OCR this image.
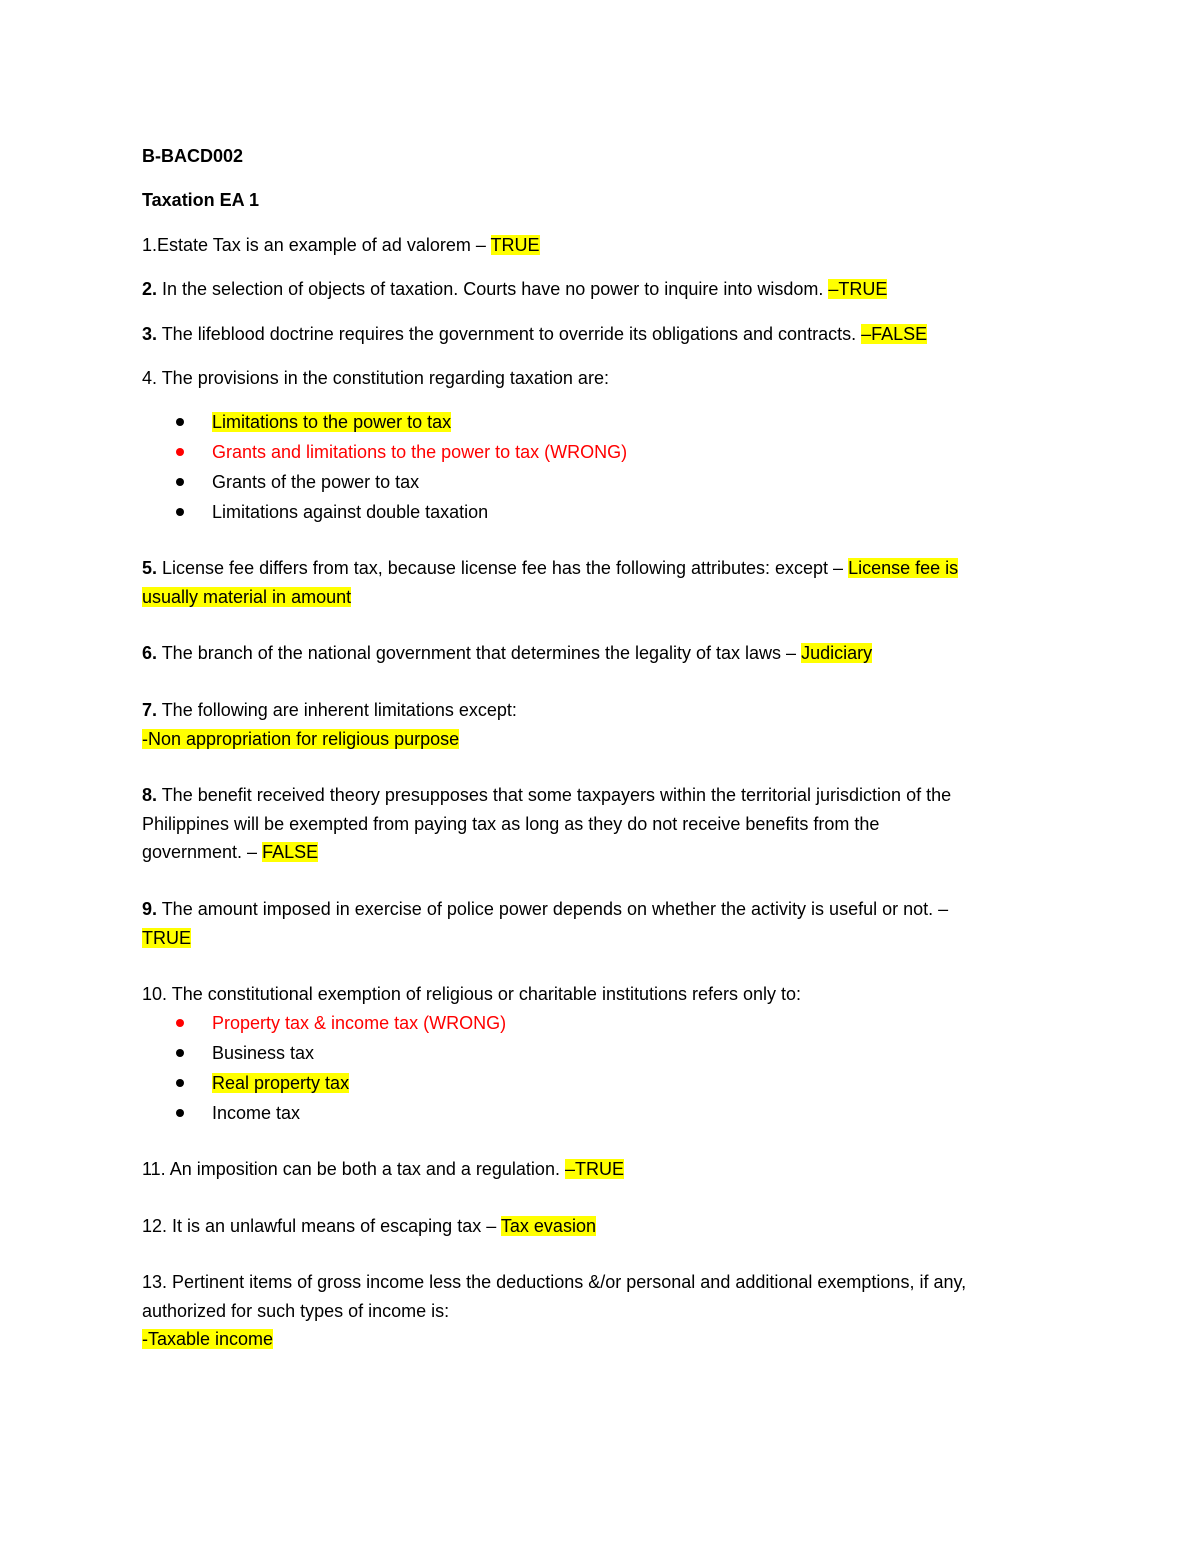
B-BACD002

Taxation EA 1

1.Estate Tax is an example of ad valorem – TRUE

2. In the selection of objects of taxation. Courts have no power to inquire into wisdom. –TRUE

3. The lifeblood doctrine requires the government to override its obligations and contracts. –FALSE

4. The provisions in the constitution regarding taxation are:

Limitations to the power to tax
Grants and limitations to the power to tax (WRONG)
Grants of the power to tax
Limitations against double taxation

5. License fee differs from tax, because license fee has the following attributes: except – License fee is
usually material in amount

6. The branch of the national government that determines the legality of tax laws – Judiciary

7. The following are inherent limitations except:
-Non appropriation for religious purpose

8. The benefit received theory presupposes that some taxpayers within the territorial jurisdiction of the
Philippines will be exempted from paying tax as long as they do not receive benefits from the
government. – FALSE

9. The amount imposed in exercise of police power depends on whether the activity is useful or not. –
TRUE

10. The constitutional exemption of religious or charitable institutions refers only to:

Property tax & income tax (WRONG)
Business tax
Real property tax
Income tax

11. An imposition can be both a tax and a regulation. –TRUE

12. It is an unlawful means of escaping tax – Tax evasion

13. Pertinent items of gross income less the deductions &/or personal and additional exemptions, if any,
authorized for such types of income is:
-Taxable income
